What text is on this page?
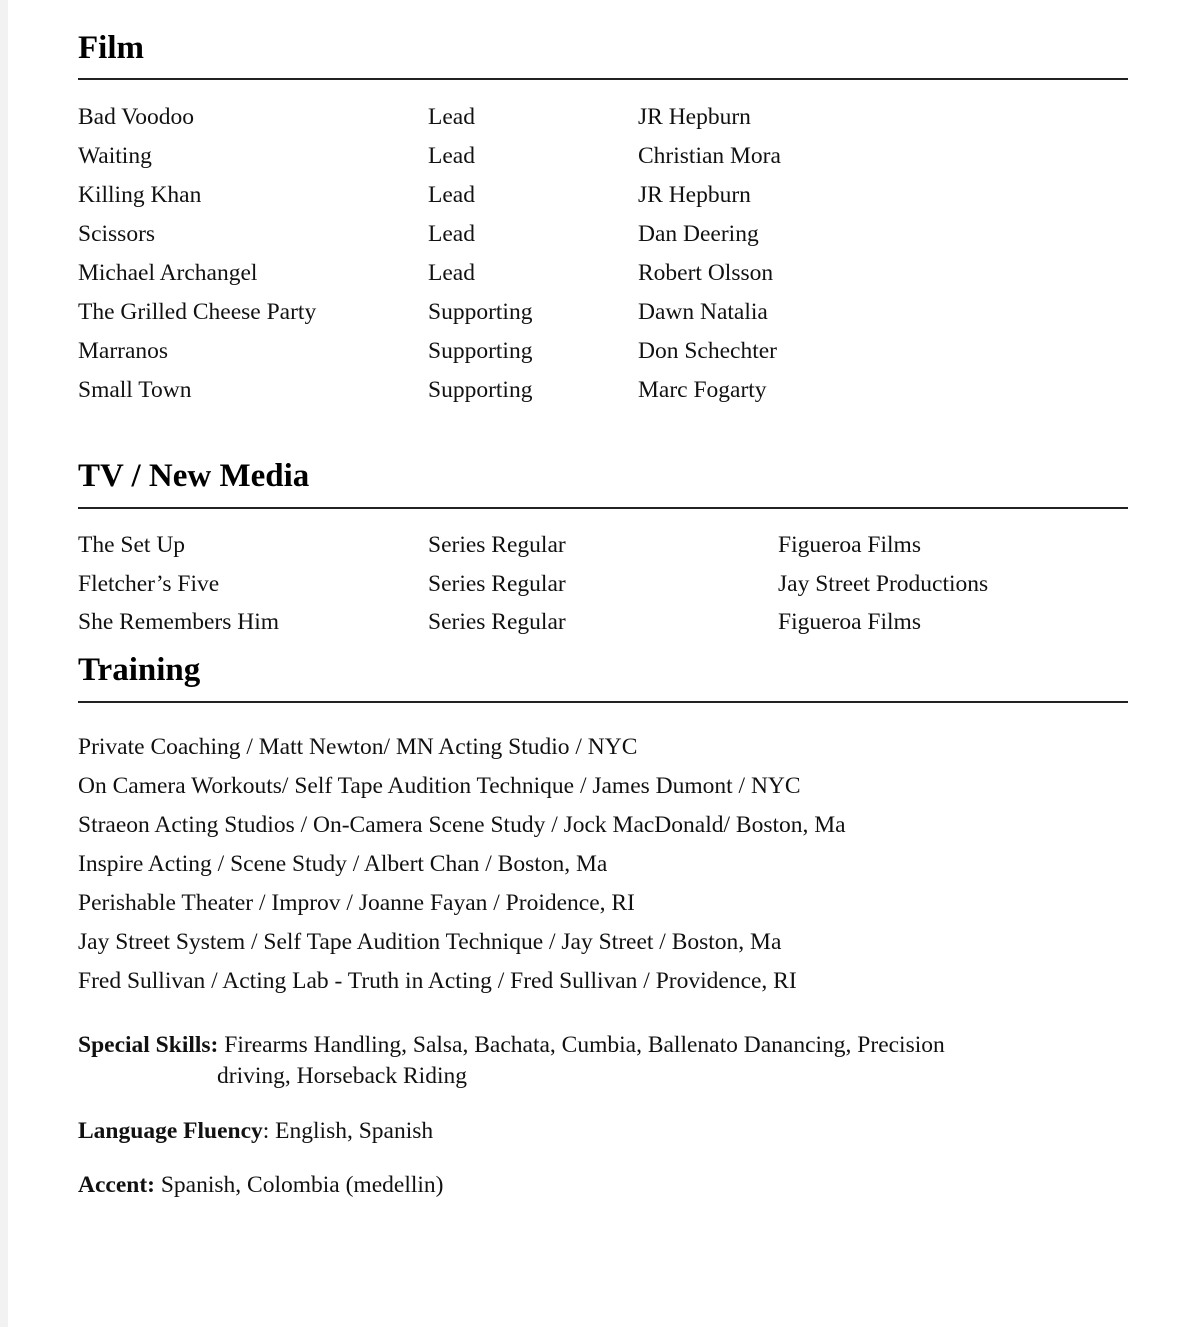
Film
Bad Voodoo	Lead	JR Hepburn
Waiting	Lead	Christian Mora
Killing Khan	Lead	JR Hepburn
Scissors	Lead	Dan Deering
Michael Archangel	Lead	Robert Olsson
The Grilled Cheese Party	Supporting	Dawn Natalia
Marranos	Supporting	Don Schechter
Small Town	Supporting	Marc Fogarty
TV / New Media
The Set Up	Series Regular	Figueroa Films
Fletcher’s Five	Series Regular	Jay Street Productions
She Remembers Him	Series Regular	Figueroa Films
Training
Private Coaching / Matt Newton/ MN Acting Studio / NYC
On Camera Workouts/ Self Tape Audition Technique / James Dumont / NYC
Straeon Acting Studios / On-Camera Scene Study / Jock MacDonald/ Boston, Ma
Inspire Acting / Scene Study / Albert Chan / Boston, Ma
Perishable Theater / Improv / Joanne Fayan / Proidence, RI
Jay Street System / Self Tape Audition Technique / Jay Street / Boston, Ma
Fred Sullivan / Acting Lab - Truth in Acting / Fred Sullivan / Providence, RI
Special Skills: Firearms Handling, Salsa, Bachata, Cumbia, Ballenato Danancing, Precision
driving, Horseback Riding
Language Fluency: English, Spanish
Accent: Spanish, Colombia (medellin)
